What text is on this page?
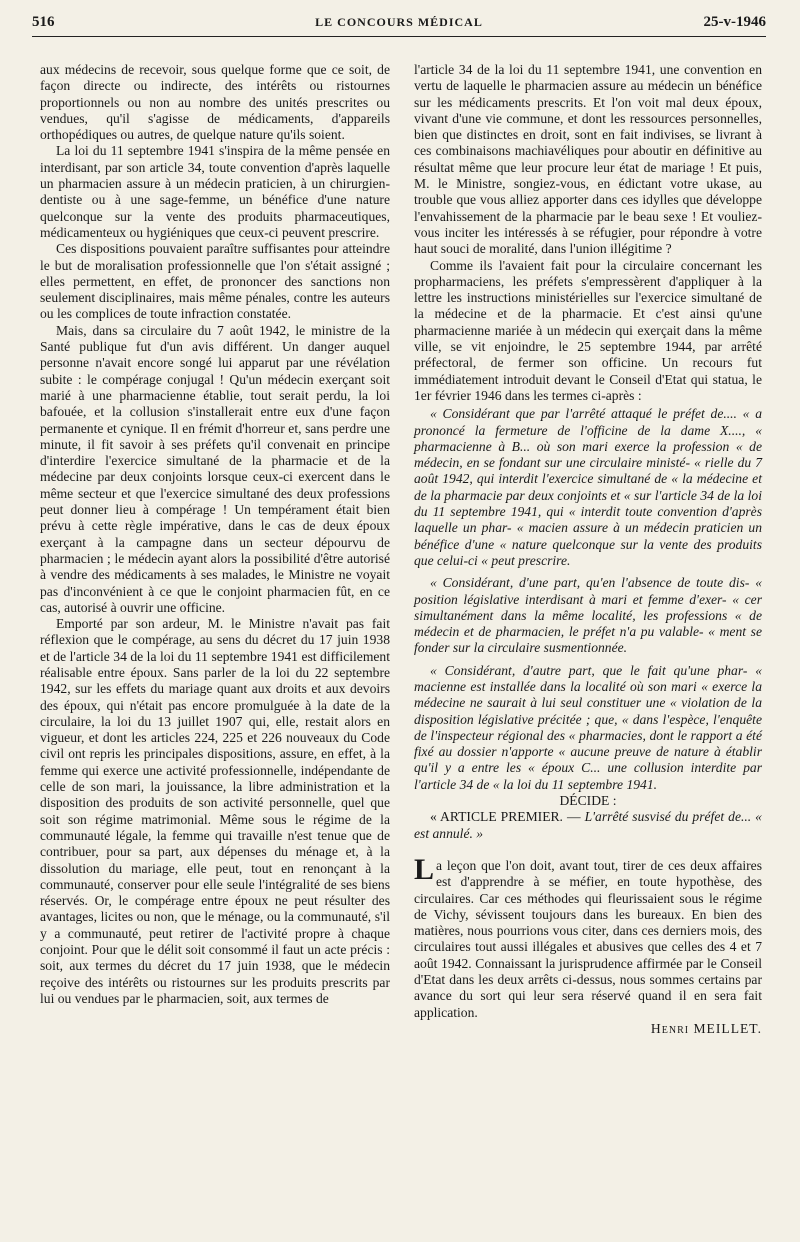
516	LE CONCOURS MÉDICAL	25-v-1946

aux médecins de recevoir, sous quelque forme que ce soit, de façon directe ou indirecte, des intérêts ou ristournes proportionnels ou non au nombre des unités prescrites ou vendues, qu'il s'agisse de médicaments, d'appareils orthopédiques ou autres, de quelque nature qu'ils soient.

La loi du 11 septembre 1941 s'inspira de la même pensée en interdisant, par son article 34, toute convention d'après laquelle un pharmacien assure à un médecin praticien, à un chirurgien-dentiste ou à une sage-femme, un bénéfice d'une nature quelconque sur la vente des produits pharmaceutiques, médicamenteux ou hygiéniques que ceux-ci peuvent prescrire.

Ces dispositions pouvaient paraître suffisantes pour atteindre le but de moralisation professionnelle que l'on s'était assigné ; elles permettent, en effet, de prononcer des sanctions non seulement disciplinaires, mais même pénales, contre les auteurs ou les complices de toute infraction constatée.

Mais, dans sa circulaire du 7 août 1942, le ministre de la Santé publique fut d'un avis différent. Un danger auquel personne n'avait encore songé lui apparut par une révélation subite : le compérage conjugal ! Qu'un médecin exerçant soit marié à une pharmacienne établie, tout serait perdu, la loi bafouée, et la collusion s'installerait entre eux d'une façon permanente et cynique. Il en frémit d'horreur et, sans perdre une minute, il fit savoir à ses préfets qu'il convenait en principe d'interdire l'exercice simultané de la pharmacie et de la médecine par deux conjoints lorsque ceux-ci exercent dans le même secteur et que l'exercice simultané des deux professions peut donner lieu à compérage ! Un tempérament était bien prévu à cette règle impérative, dans le cas de deux époux exerçant à la campagne dans un secteur dépourvu de pharmacien ; le médecin ayant alors la possibilité d'être autorisé à vendre des médicaments à ses malades, le Ministre ne voyait pas d'inconvénient à ce que le conjoint pharmacien fût, en ce cas, autorisé à ouvrir une officine.

Emporté par son ardeur, M. le Ministre n'avait pas fait réflexion que le compérage, au sens du décret du 17 juin 1938 et de l'article 34 de la loi du 11 septembre 1941 est difficilement réalisable entre époux. Sans parler de la loi du 22 septembre 1942, sur les effets du mariage quant aux droits et aux devoirs des époux, qui n'était pas encore promulguée à la date de la circulaire, la loi du 13 juillet 1907 qui, elle, restait alors en vigueur, et dont les articles 224, 225 et 226 nouveaux du Code civil ont repris les principales dispositions, assure, en effet, à la femme qui exerce une activité professionnelle, indépendante de celle de son mari, la jouissance, la libre administration et la disposition des produits de son activité personnelle, quel que soit son régime matrimonial. Même sous le régime de la communauté légale, la femme qui travaille n'est tenue que de contribuer, pour sa part, aux dépenses du ménage et, à la dissolution du mariage, elle peut, tout en renonçant à la communauté, conserver pour elle seule l'intégralité de ses biens réservés. Or, le compérage entre époux ne peut résulter des avantages, licites ou non, que le ménage, ou la communauté, s'il y a communauté, peut retirer de l'activité propre à chaque conjoint. Pour que le délit soit consommé il faut un acte précis : soit, aux termes du décret du 17 juin 1938, que le médecin reçoive des intérêts ou ristournes sur les produits prescrits par lui ou vendues par le pharmacien, soit, aux termes de

l'article 34 de la loi du 11 septembre 1941, une convention en vertu de laquelle le pharmacien assure au médecin un bénéfice sur les médicaments prescrits. Et l'on voit mal deux époux, vivant d'une vie commune, et dont les ressources personnelles, bien que distinctes en droit, sont en fait indivises, se livrant à ces combinaisons machiavéliques pour aboutir en définitive au résultat même que leur procure leur état de mariage ! Et puis, M. le Ministre, songiez-vous, en édictant votre ukase, au trouble que vous alliez apporter dans ces idylles que développe l'envahissement de la pharmacie par le beau sexe ! Et vouliez-vous inciter les intéressés à se réfugier, pour répondre à votre haut souci de moralité, dans l'union illégitime ?

Comme ils l'avaient fait pour la circulaire concernant les propharmaciens, les préfets s'empressèrent d'appliquer à la lettre les instructions ministérielles sur l'exercice simultané de la médecine et de la pharmacie. Et c'est ainsi qu'une pharmacienne mariée à un médecin qui exerçait dans la même ville, se vit enjoindre, le 25 septembre 1944, par arrêté préfectoral, de fermer son officine. Un recours fut immédiatement introduit devant le Conseil d'Etat qui statua, le 1er février 1946 dans les termes ci-après :

« Considérant que par l'arrêté attaqué le préfet de.... « a prononcé la fermeture de l'officine de la dame X...., « pharmacienne à B... où son mari exerce la profession « de médecin, en se fondant sur une circulaire ministé- « rielle du 7 août 1942, qui interdit l'exercice simultané de « la médecine et de la pharmacie par deux conjoints et « sur l'article 34 de la loi du 11 septembre 1941, qui « interdit toute convention d'après laquelle un phar- « macien assure à un médecin praticien un bénéfice d'une « nature quelconque sur la vente des produits que celui-ci « peut prescrire.

« Considérant, d'une part, qu'en l'absence de toute dis- « position législative interdisant à mari et femme d'exer- « cer simultanément dans la même localité, les professions « de médecin et de pharmacien, le préfet n'a pu valable- « ment se fonder sur la circulaire susmentionnée.

« Considérant, d'autre part, que le fait qu'une phar- « macienne est installée dans la localité où son mari « exerce la médecine ne saurait à lui seul constituer une « violation de la disposition législative précitée ; que, « dans l'espèce, l'enquête de l'inspecteur régional des « pharmacies, dont le rapport a été fixé au dossier n'apporte « aucune preuve de nature à établir qu'il y a entre les « époux C... une collusion interdite par l'article 34 de « la loi du 11 septembre 1941.

DÉCIDE :

« ARTICLE PREMIER. — L'arrêté susvisé du préfet de... « est annulé. »

La leçon que l'on doit, avant tout, tirer de ces deux affaires est d'apprendre à se méfier, en toute hypothèse, des circulaires. Car ces méthodes qui fleurissaient sous le régime de Vichy, sévissent toujours dans les bureaux. En bien des matières, nous pourrions vous citer, dans ces derniers mois, des circulaires tout aussi illégales et abusives que celles des 4 et 7 août 1942. Connaissant la jurisprudence affirmée par le Conseil d'Etat dans les deux arrêts ci-dessus, nous sommes certains par avance du sort qui leur sera réservé quand il en sera fait application.

Henri MEILLET.
